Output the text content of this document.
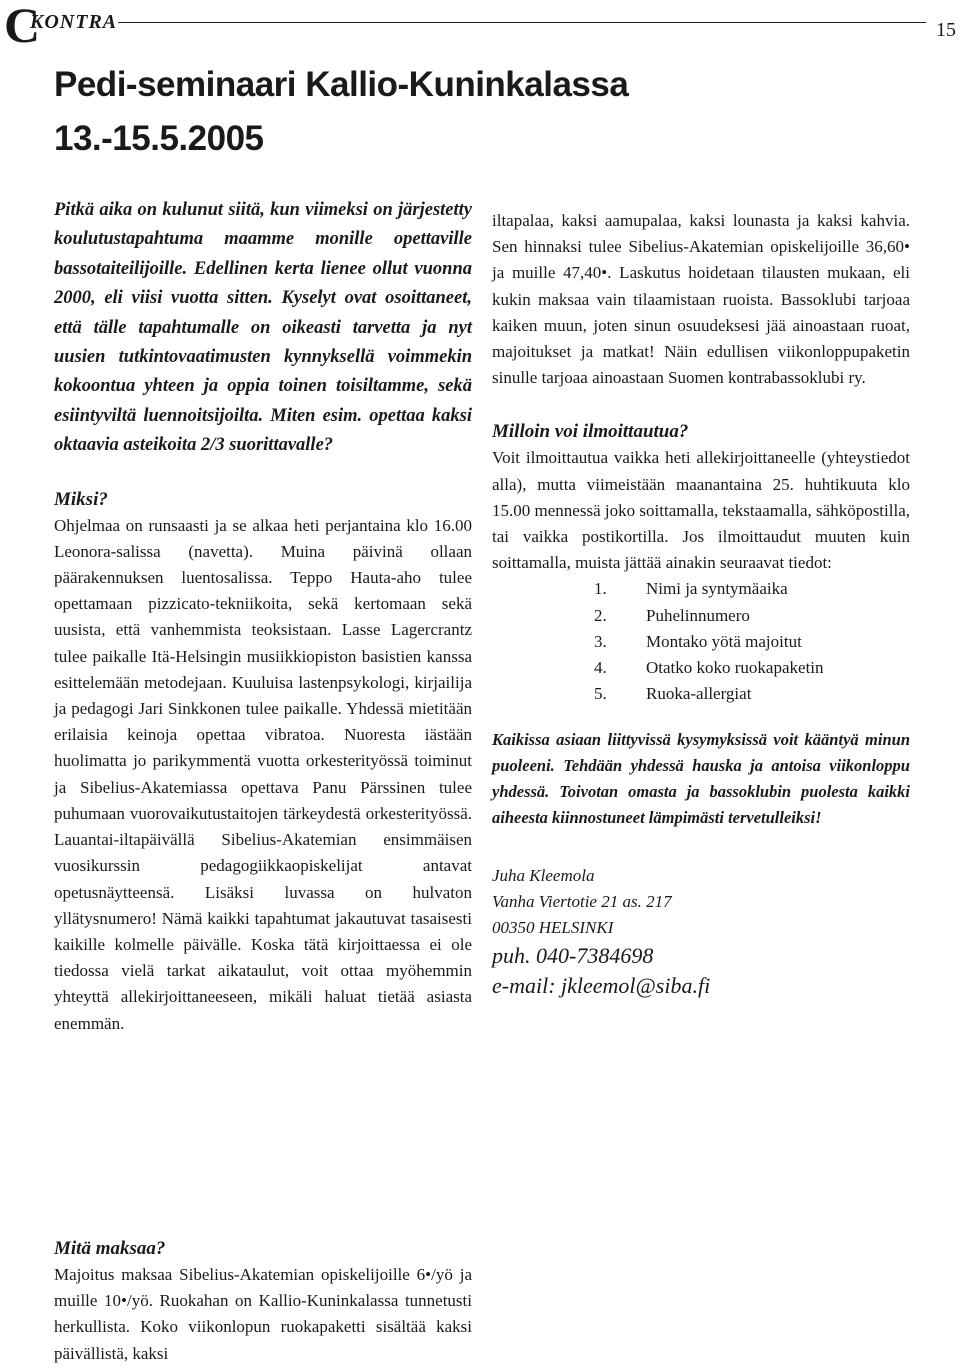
C
KONTRA	15
Pedi-seminaari Kallio-Kuninkalassa
13.-15.5.2005

Pitkä aika on kulunut siitä, kun viimeksi on järjestetty koulutustapahtuma maamme monille opettaville bassotaiteilijoille. Edellinen kerta lienee ollut vuonna 2000, eli viisi vuotta sitten. Kyselyt ovat osoittaneet, että tälle tapahtumalle on oikeasti tarvetta ja nyt uusien tutkintovaatimusten kynnyksellä voimmekin kokoontua yhteen ja oppia toinen toisiltamme, sekä esiintyviltä luennoitsijoilta. Miten esim. opettaa kaksi oktaavia asteikoita 2/3 suorittavalle?

Miksi?

Ohjelmaa on runsaasti ja se alkaa heti perjantaina klo 16.00 Leonora-salissa (navetta). Muina päivinä ollaan päärakennuksen luentosalissa. Teppo Hauta-aho tulee opettamaan pizzicato-tekniikoita, sekä kertomaan sekä uusista, että vanhemmista teoksistaan. Lasse Lagercrantz tulee paikalle Itä-Helsingin musiikkiopiston basistien kanssa esittelemään metodejaan. Kuuluisa lastenpsykologi, kirjailija ja pedagogi Jari Sinkkonen tulee paikalle. Yhdessä mietitään erilaisia keinoja opettaa vibratoa. Nuoresta iästään huolimatta jo parikymmentä vuotta orkesterityössä toiminut ja Sibelius-Akatemiassa opettava Panu Pärssinen tulee puhumaan vuorovaikutustaitojen tärkeydestä orkesterityössä. Lauantai-iltapäivällä Sibelius-Akatemian ensimmäisen vuosikurssin pedagogiikkaopiskelijat antavat opetusnäytteensä. Lisäksi luvassa on hulvaton yllätysnumero! Nämä kaikki tapahtumat jakautuvat tasaisesti kaikille kolmelle päivälle. Koska tätä kirjoittaessa ei ole tiedossa vielä tarkat aikataulut, voit ottaa myöhemmin yhteyttä allekirjoittaneeseen, mikäli haluat tietää asiasta enemmän.

Mitä maksaa?

Majoitus maksaa Sibelius-Akatemian opiskelijoille 6•/yö ja muille 10•/yö. Ruokahan on Kallio-Kuninkalassa tunnetusti herkullista. Koko viikonlopun ruokapaketti sisältää kaksi päivällistä, kaksi

iltapalaa, kaksi aamupalaa, kaksi lounasta ja kaksi kahvia. Sen hinnaksi tulee Sibelius-Akatemian opiskelijoille 36,60• ja muille 47,40•. Laskutus hoidetaan tilausten mukaan, eli kukin maksaa vain tilaamistaan ruoista. Bassoklubi tarjoaa kaiken muun, joten sinun osuudeksesi jää ainoastaan ruoat, majoitukset ja matkat! Näin edullisen viikonloppupaketin sinulle tarjoaa ainoastaan Suomen kontrabassoklubi ry.

Milloin voi ilmoittautua?

Voit ilmoittautua vaikka heti allekirjoittaneelle (yhteystiedot alla), mutta viimeistään maanantaina 25. huhtikuuta klo 15.00 mennessä joko soittamalla, tekstaamalla, sähköpostilla, tai vaikka postikortilla. Jos ilmoittaudut muuten kuin soittamalla, muista jättää ainakin seuraavat tiedot:

1.	Nimi ja syntymäaika
2.	Puhelinnumero
3.	Montako yötä majoitut
4.	Otatko koko ruokapaketin
5.	Ruoka-allergiat

Kaikissa asiaan liittyvissä kysymyksissä voit kääntyä minun puoleeni. Tehdään yhdessä hauska ja antoisa viikonloppu yhdessä. Toivotan omasta ja bassoklubin puolesta kaikki aiheesta kiinnostuneet lämpimästi tervetulleiksi!

Juha Kleemola
Vanha Viertotie 21 as. 217
00350 HELSINKI
puh. 040-7384698
e-mail: jkleemol@siba.fi
